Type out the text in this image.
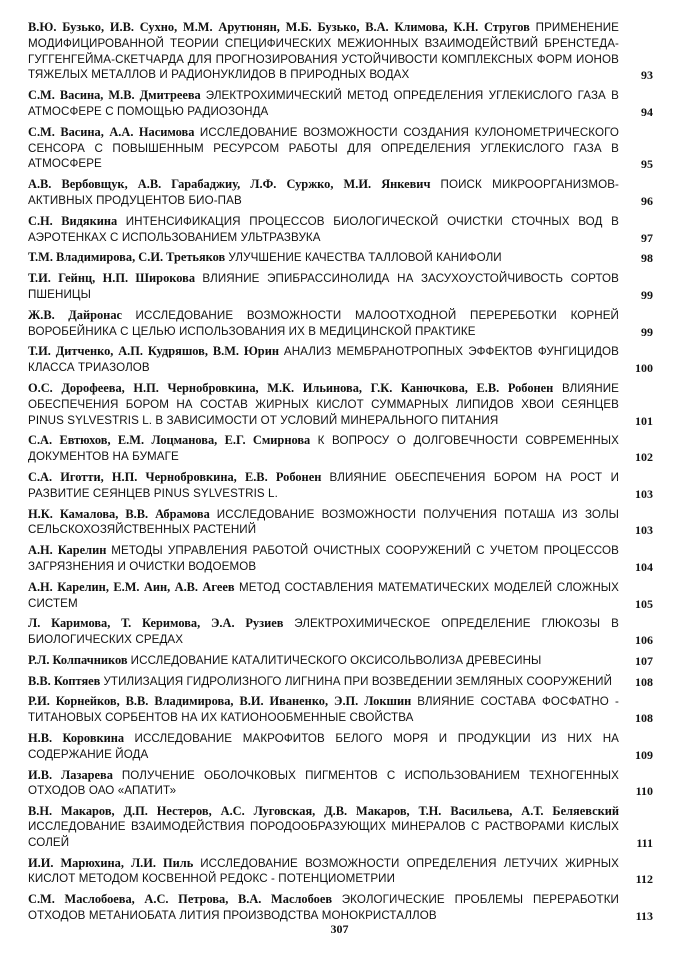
В.Ю. Бузько, И.В. Сухно, М.М. Арутюнян, М.Б. Бузько, В.А. Климова, К.Н. Стругов ПРИМЕНЕНИЕ МОДИФИЦИРОВАННОЙ ТЕОРИИ СПЕЦИФИЧЕСКИХ МЕЖИОННЫХ ВЗАИМОДЕЙСТВИЙ БРЕНСТЕДА-ГУГГЕНГЕЙМА-СКЕТЧАРДА ДЛЯ ПРОГНОЗИРОВАНИЯ УСТОЙЧИВОСТИ КОМПЛЕКСНЫХ ФОРМ ИОНОВ ТЯЖЕЛЫХ МЕТАЛЛОВ И РАДИОНУКЛИДОВ В ПРИРОДНЫХ ВОДАХ	93
С.М. Васина, М.В. Дмитреева ЭЛЕКТРОХИМИЧЕСКИЙ МЕТОД ОПРЕДЕЛЕНИЯ УГЛЕКИСЛОГО ГАЗА В АТМОСФЕРЕ С ПОМОЩЬЮ РАДИОЗОНДА	94
С.М. Васина, А.А. Насимова ИССЛЕДОВАНИЕ ВОЗМОЖНОСТИ СОЗДАНИЯ КУЛОНОМЕТРИЧЕСКОГО СЕНСОРА С ПОВЫШЕННЫМ РЕСУРСОМ РАБОТЫ ДЛЯ ОПРЕДЕЛЕНИЯ УГЛЕКИСЛОГО ГАЗА В АТМОСФЕРЕ	95
А.В. Вербовщук, А.В. Гарабаджиу, Л.Ф. Суржко, М.И. Янкевич ПОИСК МИКРООРГАНИЗМОВ-АКТИВНЫХ ПРОДУЦЕНТОВ БИО-ПАВ	96
С.Н. Видякина ИНТЕНСИФИКАЦИЯ ПРОЦЕССОВ БИОЛОГИЧЕСКОЙ ОЧИСТКИ СТОЧНЫХ ВОД В АЭРОТЕНКАХ С ИСПОЛЬЗОВАНИЕМ УЛЬТРАЗВУКА	97
Т.М. Владимирова, С.И. Третьяков УЛУЧШЕНИЕ КАЧЕСТВА ТАЛЛОВОЙ КАНИФОЛИ	98
Т.И. Гейнц, Н.П. Широкова ВЛИЯНИЕ ЭПИБРАССИНОЛИДА НА ЗАСУХОУСТОЙЧИВОСТЬ СОРТОВ ПШЕНИЦЫ	99
Ж.В. Дайронас ИССЛЕДОВАНИЕ ВОЗМОЖНОСТИ МАЛООТХОДНОЙ ПЕРЕРЕБОТКИ КОРНЕЙ ВОРОБЕЙНИКА С ЦЕЛЬЮ ИСПОЛЬЗОВАНИЯ ИХ В МЕДИЦИНСКОЙ ПРАКТИКЕ	99
Т.И. Дитченко, А.П. Кудряшов, В.М. Юрин АНАЛИЗ МЕМБРАНОТРОПНЫХ ЭФФЕКТОВ ФУНГИЦИДОВ КЛАССА ТРИАЗОЛОВ	100
О.С. Дорофеева, Н.П. Чернобровкина, М.К. Ильинова, Г.К. Канючкова, Е.В. Робонен ВЛИЯНИЕ ОБЕСПЕЧЕНИЯ БОРОМ НА СОСТАВ ЖИРНЫХ КИСЛОТ СУММАРНЫХ ЛИПИДОВ ХВОИ СЕЯНЦЕВ PINUS SYLVESTRIS L. В ЗАВИСИМОСТИ ОТ УСЛОВИЙ МИНЕРАЛЬНОГО ПИТАНИЯ	101
С.А. Евтюхов, Е.М. Лоцманова, Е.Г. Смирнова К ВОПРОСУ О ДОЛГОВЕЧНОСТИ СОВРЕМЕННЫХ ДОКУМЕНТОВ НА БУМАГЕ	102
С.А. Иготти, Н.П. Чернобровкина, Е.В. Робонен ВЛИЯНИЕ ОБЕСПЕЧЕНИЯ БОРОМ НА РОСТ И РАЗВИТИЕ СЕЯНЦЕВ PINUS SYLVESTRIS L.	103
Н.К. Камалова, В.В. Абрамова ИССЛЕДОВАНИЕ ВОЗМОЖНОСТИ ПОЛУЧЕНИЯ ПОТАША ИЗ ЗОЛЫ СЕЛЬСКОХОЗЯЙСТВЕННЫХ РАСТЕНИЙ	103
А.Н. Карелин МЕТОДЫ УПРАВЛЕНИЯ РАБОТОЙ ОЧИСТНЫХ СООРУЖЕНИЙ С УЧЕТОМ ПРОЦЕССОВ ЗАГРЯЗНЕНИЯ И ОЧИСТКИ ВОДОЕМОВ	104
А.Н. Карелин, Е.М. Аин, А.В. Агеев МЕТОД СОСТАВЛЕНИЯ МАТЕМАТИЧЕСКИХ МОДЕЛЕЙ СЛОЖНЫХ СИСТЕМ	105
Л. Каримова, Т. Керимова, Э.А. Рузиев ЭЛЕКТРОХИМИЧЕСКОЕ ОПРЕДЕЛЕНИЕ ГЛЮКОЗЫ В БИОЛОГИЧЕСКИХ СРЕДАХ	106
Р.Л. Колпачников ИССЛЕДОВАНИЕ КАТАЛИТИЧЕСКОГО ОКСИСОЛЬВОЛИЗА ДРЕВЕСИНЫ	107
В.В. Коптяев УТИЛИЗАЦИЯ ГИДРОЛИЗНОГО ЛИГНИНА ПРИ ВОЗВЕДЕНИИ ЗЕМЛЯНЫХ СООРУЖЕНИЙ	108
Р.И. Корнейков, В.В. Владимирова, В.И. Иваненко, Э.П. Локшин ВЛИЯНИЕ СОСТАВА ФОСФАТНО - ТИТАНОВЫХ СОРБЕНТОВ НА ИХ КАТИОНООБМЕННЫЕ СВОЙСТВА	108
Н.В. Коровкина ИССЛЕДОВАНИЕ МАКРОФИТОВ БЕЛОГО МОРЯ И ПРОДУКЦИИ ИЗ НИХ НА СОДЕРЖАНИЕ ЙОДА	109
И.В. Лазарева ПОЛУЧЕНИЕ ОБОЛОЧКОВЫХ ПИГМЕНТОВ С ИСПОЛЬЗОВАНИЕМ ТЕХНОГЕННЫХ ОТХОДОВ ОАО «АПАТИТ»	110
В.Н. Макаров, Д.П. Нестеров, А.С. Луговская, Д.В. Макаров, Т.Н. Васильева, А.Т. Беляевский ИССЛЕДОВАНИЕ ВЗАИМОДЕЙСТВИЯ ПОРОДООБРАЗУЮЩИХ МИНЕРАЛОВ С РАСТВОРАМИ КИСЛЫХ СОЛЕЙ	111
И.И. Марюхина, Л.И. Пиль ИССЛЕДОВАНИЕ ВОЗМОЖНОСТИ ОПРЕДЕЛЕНИЯ ЛЕТУЧИХ ЖИРНЫХ КИСЛОТ МЕТОДОМ КОСВЕННОЙ РЕДОКС - ПОТЕНЦИОМЕТРИИ	112
С.М. Маслобоева, А.С. Петрова, В.А. Маслобоев ЭКОЛОГИЧЕСКИЕ ПРОБЛЕМЫ ПЕРЕРАБОТКИ ОТХОДОВ МЕТАНИОБАТА ЛИТИЯ ПРОИЗВОДСТВА МОНОКРИСТАЛЛОВ	113
307
